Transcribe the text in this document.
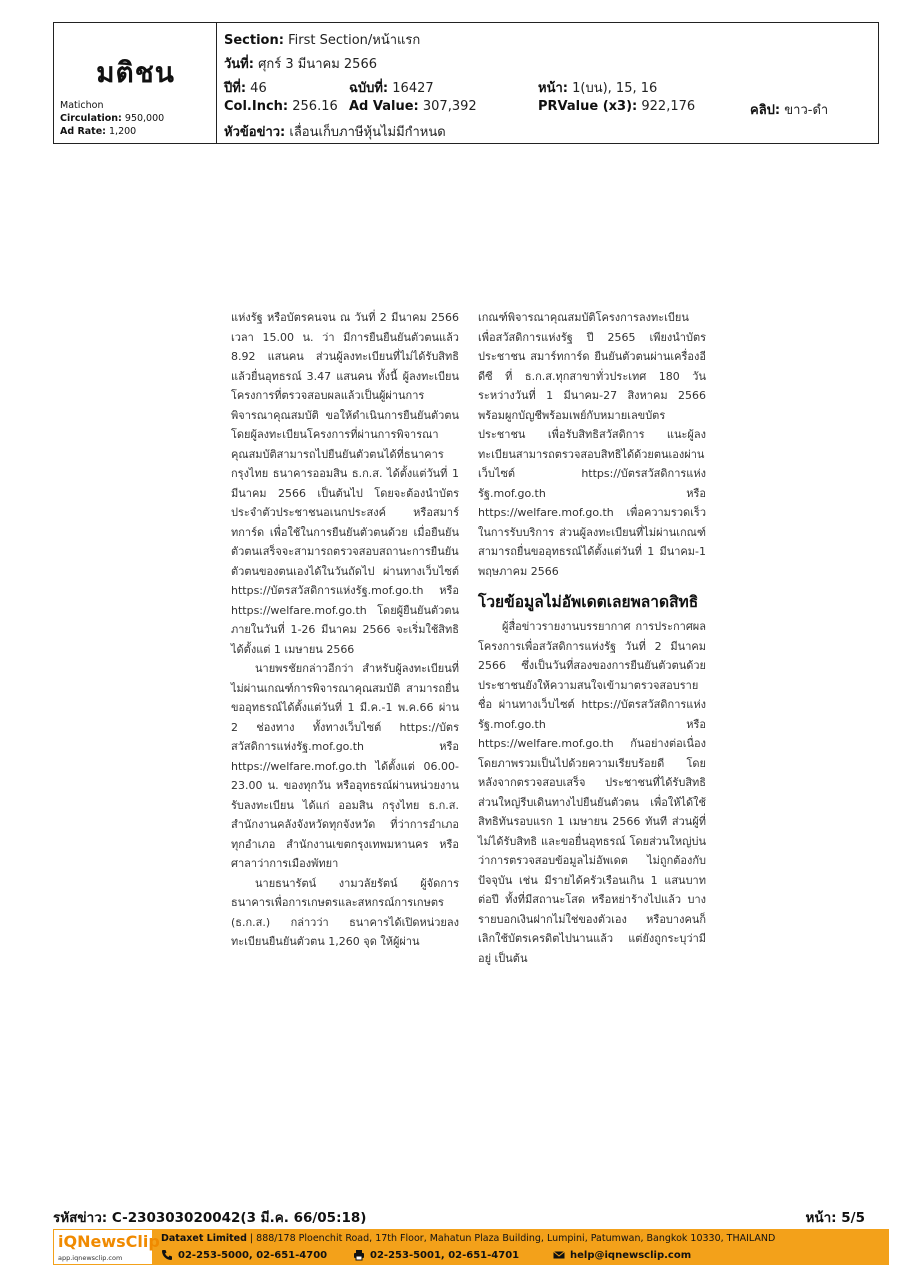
มติชน
Matichon
Circulation: 950,000
Ad Rate: 1,200
Section: First Section/หน้าแรก
วันที่: ศุกร์ 3 มีนาคม 2566
ปีที่: 46	ฉบับที่: 16427	หน้า: 1(บน), 15, 16
Col.Inch: 256.16 Ad Value: 307,392	PRValue (x3): 922,176	คลิป: ขาว-ดำ
หัวข้อข่าว: เลื่อนเก็บภาษีหุ้นไม่มีกำหนด

แห่งรัฐ หรือบัตรคนจน ณ วันที่ 2 มีนาคม 2566 เวลา 15.00 น. ว่า มีการยืนยืนยันตัวตนแล้ว 8.92 แสนคน ส่วนผู้ลงทะเบียนที่ไม่ได้รับสิทธิแล้วยื่นอุทธรณ์ 3.47 แสนคน ทั้งนี้ ผู้ลงทะเบียนโครงการที่ตรวจสอบผลแล้วเป็นผู้ผ่านการพิจารณาคุณสมบัติ ขอให้ดำเนินการยืนยันตัวตน โดยผู้ลงทะเบียนโครงการที่ผ่านการพิจารณาคุณสมบัติสามารถไปยืนยันตัวตนได้ที่ธนาคารกรุงไทย ธนาคารออมสิน ธ.ก.ส. ได้ตั้งแต่วันที่ 1 มีนาคม 2566 เป็นต้นไป โดยจะต้องนำบัตรประจำตัวประชาชนอเนกประสงค์ หรือสมาร์ทการ์ด เพื่อใช้ในการยืนยันตัวตนด้วย เมื่อยืนยันตัวตนเสร็จจะสามารถตรวจสอบสถานะการยืนยันตัวตนของตนเองได้ในวันถัดไป ผ่านทางเว็บไซต์ https://บัตรสวัสดิการแห่งรัฐ.mof.go.th หรือ https://welfare.mof.go.th โดยผู้ยืนยันตัวตนภายในวันที่ 1-26 มีนาคม 2566 จะเริ่มใช้สิทธิได้ตั้งแต่ 1 เมษายน 2566

นายพรชัยกล่าวอีกว่า สำหรับผู้ลงทะเบียนที่ไม่ผ่านเกณฑ์การพิจารณาคุณสมบัติ สามารถยื่นขออุทธรณ์ได้ตั้งแต่วันที่ 1 มี.ค.-1 พ.ค.66 ผ่าน 2 ช่องทาง ทั้งทางเว็บไซต์ https://บัตรสวัสดิการแห่งรัฐ.mof.go.th หรือ https://welfare.mof.go.th ได้ตั้งแต่ 06.00-23.00 น. ของทุกวัน หรืออุทธรณ์ผ่านหน่วยงานรับลงทะเบียน ได้แก่ ออมสิน กรุงไทย ธ.ก.ส. สำนักงานคลังจังหวัดทุกจังหวัด ที่ว่าการอำเภอทุกอำเภอ สำนักงานเขตกรุงเทพมหานคร หรือศาลาว่าการเมืองพัทยา

นายธนารัตน์ งามวลัยรัตน์ ผู้จัดการธนาคารเพื่อการเกษตรและสหกรณ์การเกษตร (ธ.ก.ส.) กล่าวว่า ธนาคารได้เปิดหน่วยลงทะเบียนยืนยันตัวตน 1,260 จุด ให้ผู้ผ่าน

เกณฑ์พิจารณาคุณสมบัติโครงการลงทะเบียนเพื่อสวัสดิการแห่งรัฐ ปี 2565 เพียงนำบัตรประชาชน สมาร์ทการ์ด ยืนยันตัวตนผ่านเครื่องอีดีซี ที่ ธ.ก.ส.ทุกสาขาทั่วประเทศ 180 วัน ระหว่างวันที่ 1 มีนาคม-27 สิงหาคม 2566 พร้อมผูกบัญชีพร้อมเพย์กับหมายเลขบัตรประชาชน เพื่อรับสิทธิสวัสดิการ แนะผู้ลงทะเบียนสามารถตรวจสอบสิทธิได้ด้วยตนเองผ่านเว็บไซต์ https://บัตรสวัสดิการแห่งรัฐ.mof.go.th หรือ https://welfare.mof.go.th เพื่อความรวดเร็วในการรับบริการ ส่วนผู้ลงทะเบียนที่ไม่ผ่านเกณฑ์ สามารถยื่นขออุทธรณ์ได้ตั้งแต่วันที่ 1 มีนาคม-1 พฤษภาคม 2566

โวยข้อมูลไม่อัพเดตเลยพลาดสิทธิ

ผู้สื่อข่าวรายงานบรรยากาศ การประกาศผลโครงการเพื่อสวัสดิการแห่งรัฐ วันที่ 2 มีนาคม 2566 ซึ่งเป็นวันที่สองของการยืนยันตัวตนด้วย ประชาชนยังให้ความสนใจเข้ามาตรวจสอบรายชื่อ ผ่านทางเว็บไซต์ https://บัตรสวัสดิการแห่งรัฐ.mof.go.th หรือ https://welfare.mof.go.th กันอย่างต่อเนื่อง โดยภาพรวมเป็นไปด้วยความเรียบร้อยดี โดยหลังจากตรวจสอบเสร็จ ประชาชนที่ได้รับสิทธิ ส่วนใหญ่รีบเดินทางไปยืนยันตัวตน เพื่อให้ได้ใช้สิทธิทันรอบแรก 1 เมษายน 2566 ทันที ส่วนผู้ที่ไม่ได้รับสิทธิ และขอยื่นอุทธรณ์ โดยส่วนใหญ่บ่นว่าการตรวจสอบข้อมูลไม่อัพเดต ไม่ถูกต้องกับปัจจุบัน เช่น มีรายได้ครัวเรือนเกิน 1 แสนบาทต่อปี ทั้งที่มีสถานะโสด หรือหย่าร้างไปแล้ว บางรายบอกเงินฝากไม่ใช่ของตัวเอง หรือบางคนก็เลิกใช้บัตรเครดิตไปนานแล้ว แต่ยังถูกระบุว่ามีอยู่ เป็นต้น

รหัสข่าว: C-230303020042(3 มี.ค. 66/05:18)	หน้า: 5/5
iQNewsClip
app.iqnewsclip.com
Dataxet Limited | 888/178 Ploenchit Road, 17th Floor, Mahatun Plaza Building, Lumpini, Patumwan, Bangkok 10330, THAILAND
02-253-5000, 02-651-4700	02-253-5001, 02-651-4701	help@iqnewsclip.com
